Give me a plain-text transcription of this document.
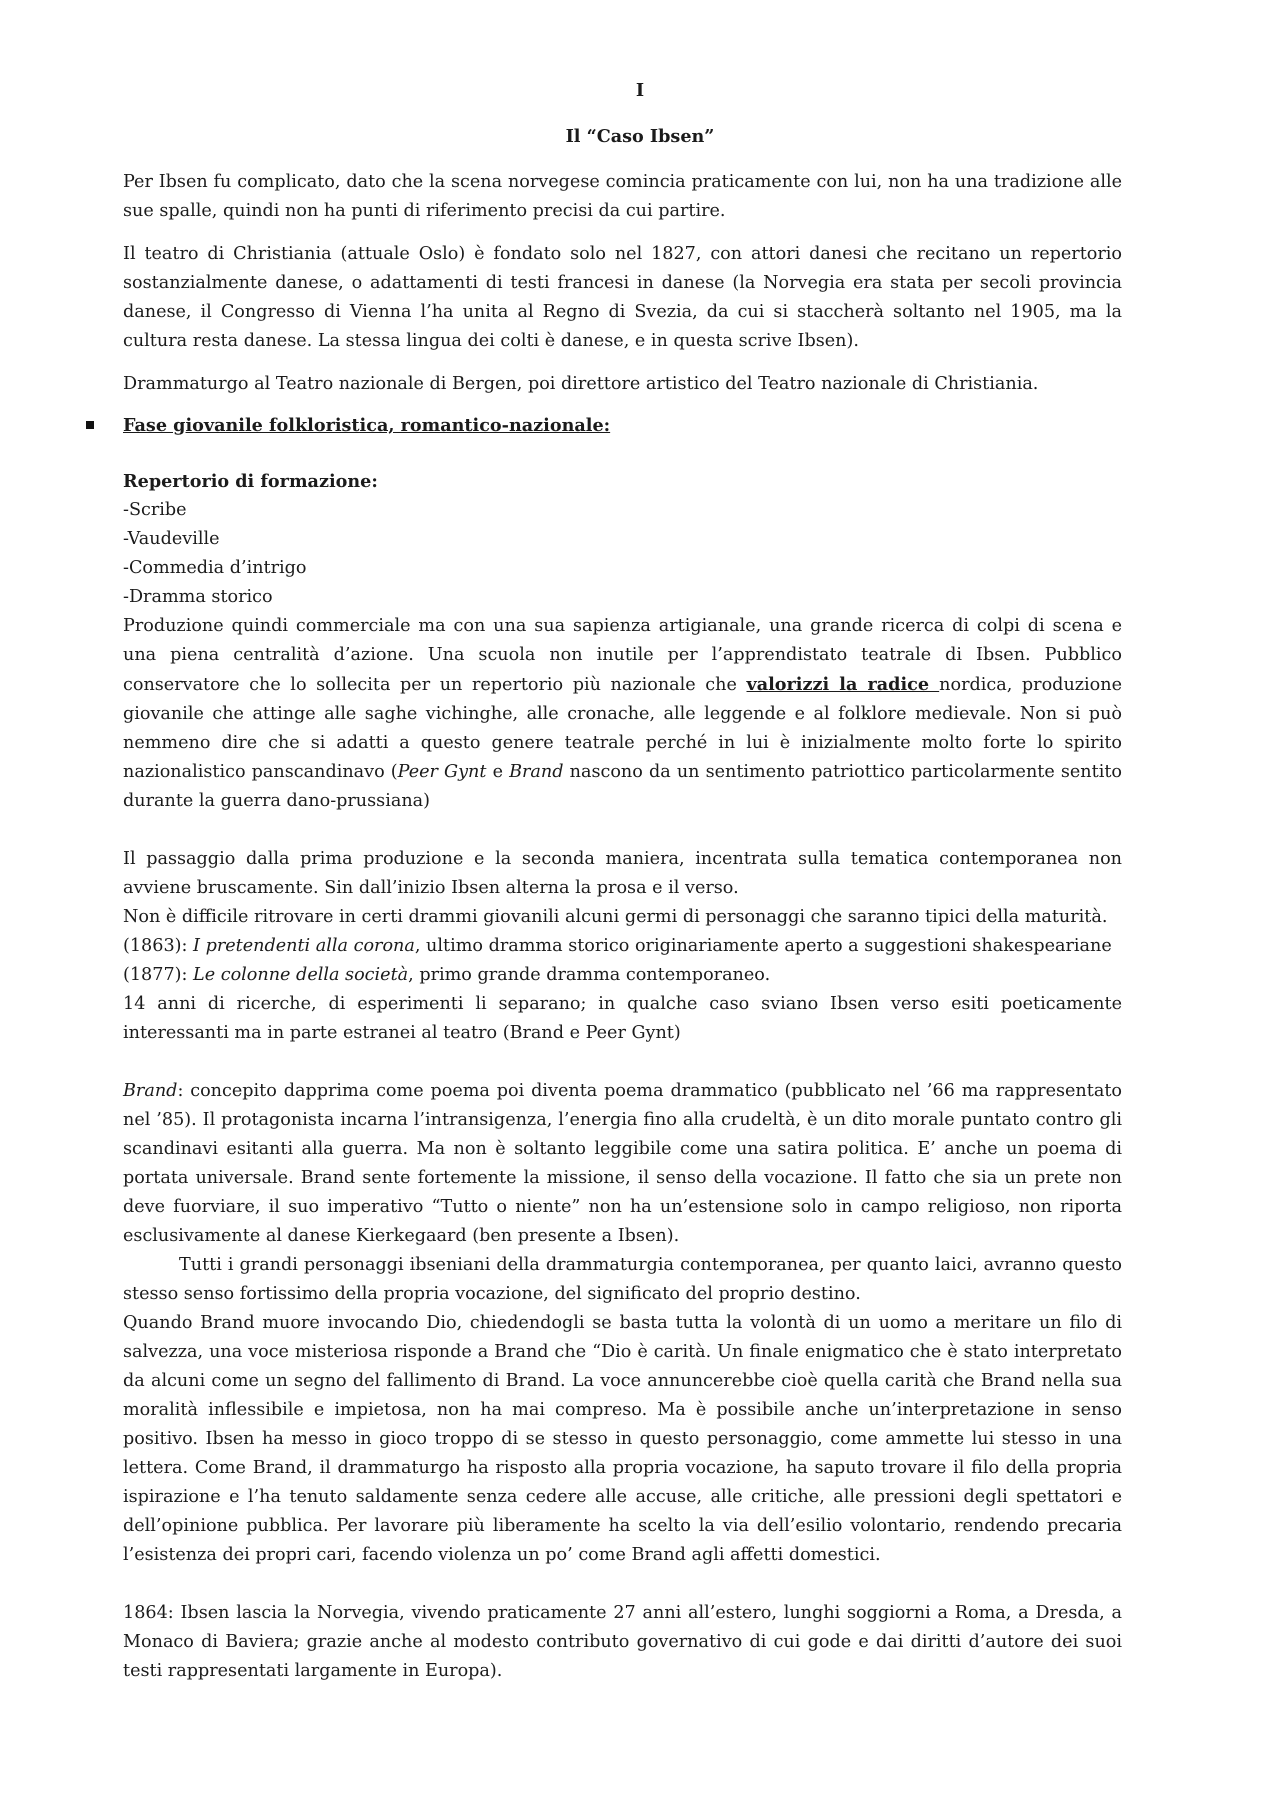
I

Il “Caso Ibsen”

Per Ibsen fu complicato, dato che la scena norvegese comincia praticamente con lui, non ha una tradizione alle sue spalle, quindi non ha punti di riferimento precisi da cui partire.

Il teatro di Christiania (attuale Oslo) è fondato solo nel 1827, con attori danesi che recitano un repertorio sostanzialmente danese, o adattamenti di testi francesi in danese (la Norvegia era stata per secoli provincia danese, il Congresso di Vienna l’ha unita al Regno di Svezia, da cui si staccherà soltanto nel 1905, ma la cultura resta danese. La stessa lingua dei colti è danese, e in questa scrive Ibsen).

Drammaturgo al Teatro nazionale di Bergen, poi direttore artistico del Teatro nazionale di Christiania.

Fase giovanile folkloristica, romantico-nazionale:

Repertorio di formazione:

-Scribe

-Vaudeville

-Commedia d’intrigo

-Dramma storico

Produzione quindi commerciale ma con una sua sapienza artigianale, una grande ricerca di colpi di scena e una piena centralità d’azione. Una scuola non inutile per l’apprendistato teatrale di Ibsen. Pubblico conservatore che lo sollecita per un repertorio più nazionale che valorizzi la radice nordica, produzione giovanile che attinge alle saghe vichinghe, alle cronache, alle leggende e al folklore medievale. Non si può nemmeno dire che si adatti a questo genere teatrale perché in lui è inizialmente molto forte lo spirito nazionalistico panscandinavo (Peer Gynt e Brand nascono da un sentimento patriottico particolarmente sentito durante la guerra dano-prussiana)

Il passaggio dalla prima produzione e la seconda maniera, incentrata sulla tematica contemporanea non avviene bruscamente. Sin dall’inizio Ibsen alterna la prosa e il verso.

Non è difficile ritrovare in certi drammi giovanili alcuni germi di personaggi che saranno tipici della maturità.

(1863): I pretendenti alla corona, ultimo dramma storico originariamente aperto a suggestioni shakespeariane

(1877): Le colonne della società, primo grande dramma contemporaneo.

14 anni di ricerche, di esperimenti li separano; in qualche caso sviano Ibsen verso esiti poeticamente interessanti ma in parte estranei al teatro (Brand e Peer Gynt)

Brand: concepito dapprima come poema poi diventa poema drammatico (pubblicato nel ’66 ma rappresentato nel ’85). Il protagonista incarna l’intransigenza, l’energia fino alla crudeltà, è un dito morale puntato contro gli scandinavi esitanti alla guerra. Ma non è soltanto leggibile come una satira politica. E’ anche un poema di portata universale. Brand sente fortemente la missione, il senso della vocazione. Il fatto che sia un prete non deve fuorviare, il suo imperativo “Tutto o niente” non ha un’estensione solo in campo religioso, non riporta esclusivamente al danese Kierkegaard (ben presente a Ibsen).

Tutti i grandi personaggi ibseniani della drammaturgia contemporanea, per quanto laici, avranno questo stesso senso fortissimo della propria vocazione, del significato del proprio destino.

Quando Brand muore invocando Dio, chiedendogli se basta tutta la volontà di un uomo a meritare un filo di salvezza, una voce misteriosa risponde a Brand che “Dio è carità. Un finale enigmatico che è stato interpretato da alcuni come un segno del fallimento di Brand. La voce annuncerebbe cioè quella carità che Brand nella sua moralità inflessibile e impietosa, non ha mai compreso. Ma è possibile anche un’interpretazione in senso positivo. Ibsen ha messo in gioco troppo di se stesso in questo personaggio, come ammette lui stesso in una lettera. Come Brand, il drammaturgo ha risposto alla propria vocazione, ha saputo trovare il filo della propria ispirazione e l’ha tenuto saldamente senza cedere alle accuse, alle critiche, alle pressioni degli spettatori e dell’opinione pubblica. Per lavorare più liberamente ha scelto la via dell’esilio volontario, rendendo precaria l’esistenza dei propri cari, facendo violenza un po’ come Brand agli affetti domestici.

1864: Ibsen lascia la Norvegia, vivendo praticamente 27 anni all’estero, lunghi soggiorni a Roma, a Dresda, a Monaco di Baviera; grazie anche al modesto contributo governativo di cui gode e dai diritti d’autore dei suoi testi rappresentati largamente in Europa).
